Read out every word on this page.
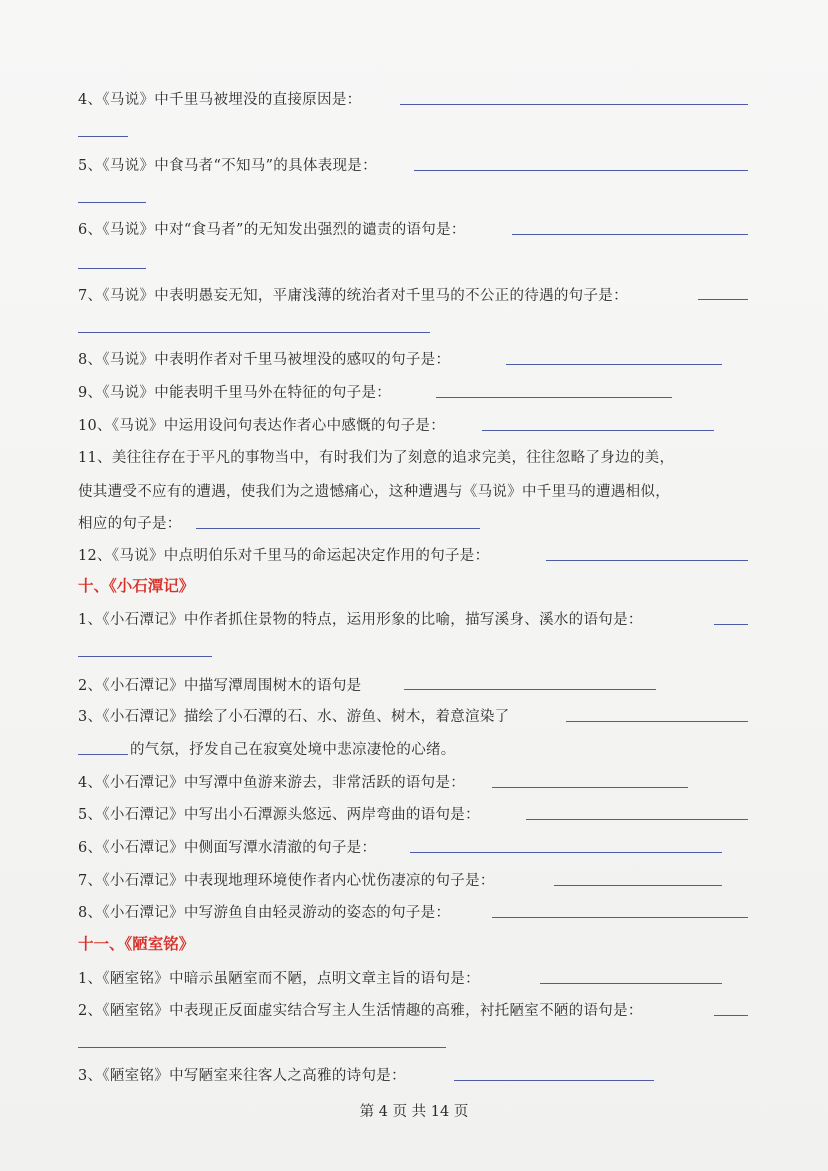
4、《马说》中千里马被埋没的直接原因是：
5、《马说》中食马者“不知马”的具体表现是：
6、《马说》中对“食马者”的无知发出强烈的谴责的语句是：
7、《马说》中表明愚妄无知，平庸浅薄的统治者对千里马的不公正的待遇的句子是：
8、《马说》中表明作者对千里马被埋没的感叹的句子是：
9、《马说》中能表明千里马外在特征的句子是：
10、《马说》中运用设问句表达作者心中感慨的句子是：
11、美往往存在于平凡的事物当中，有时我们为了刻意的追求完美，往往忽略了身边的美，
使其遭受不应有的遭遇，使我们为之遗憾痛心，这种遭遇与《马说》中千里马的遭遇相似，
相应的句子是：
12、《马说》中点明伯乐对千里马的命运起决定作用的句子是：
十、《小石潭记》
1、《小石潭记》中作者抓住景物的特点，运用形象的比喻，描写溪身、溪水的语句是：
2、《小石潭记》中描写潭周围树木的语句是
3、《小石潭记》描绘了小石潭的石、水、游鱼、树木，着意渲染了
的气氛，抒发自己在寂寞处境中悲凉凄怆的心绪。
4、《小石潭记》中写潭中鱼游来游去，非常活跃的语句是：
5、《小石潭记》中写出小石潭源头悠远、两岸弯曲的语句是：
6、《小石潭记》中侧面写潭水清澈的句子是：
7、《小石潭记》中表现地理环境使作者内心忧伤凄凉的句子是：
8、《小石潭记》中写游鱼自由轻灵游动的姿态的句子是：
十一、《陋室铭》
1、《陋室铭》中暗示虽陋室而不陋，点明文章主旨的语句是：
2、《陋室铭》中表现正反面虚实结合写主人生活情趣的高雅，衬托陋室不陋的语句是：
3、《陋室铭》中写陋室来往客人之高雅的诗句是：
第 4 页 共 14 页
